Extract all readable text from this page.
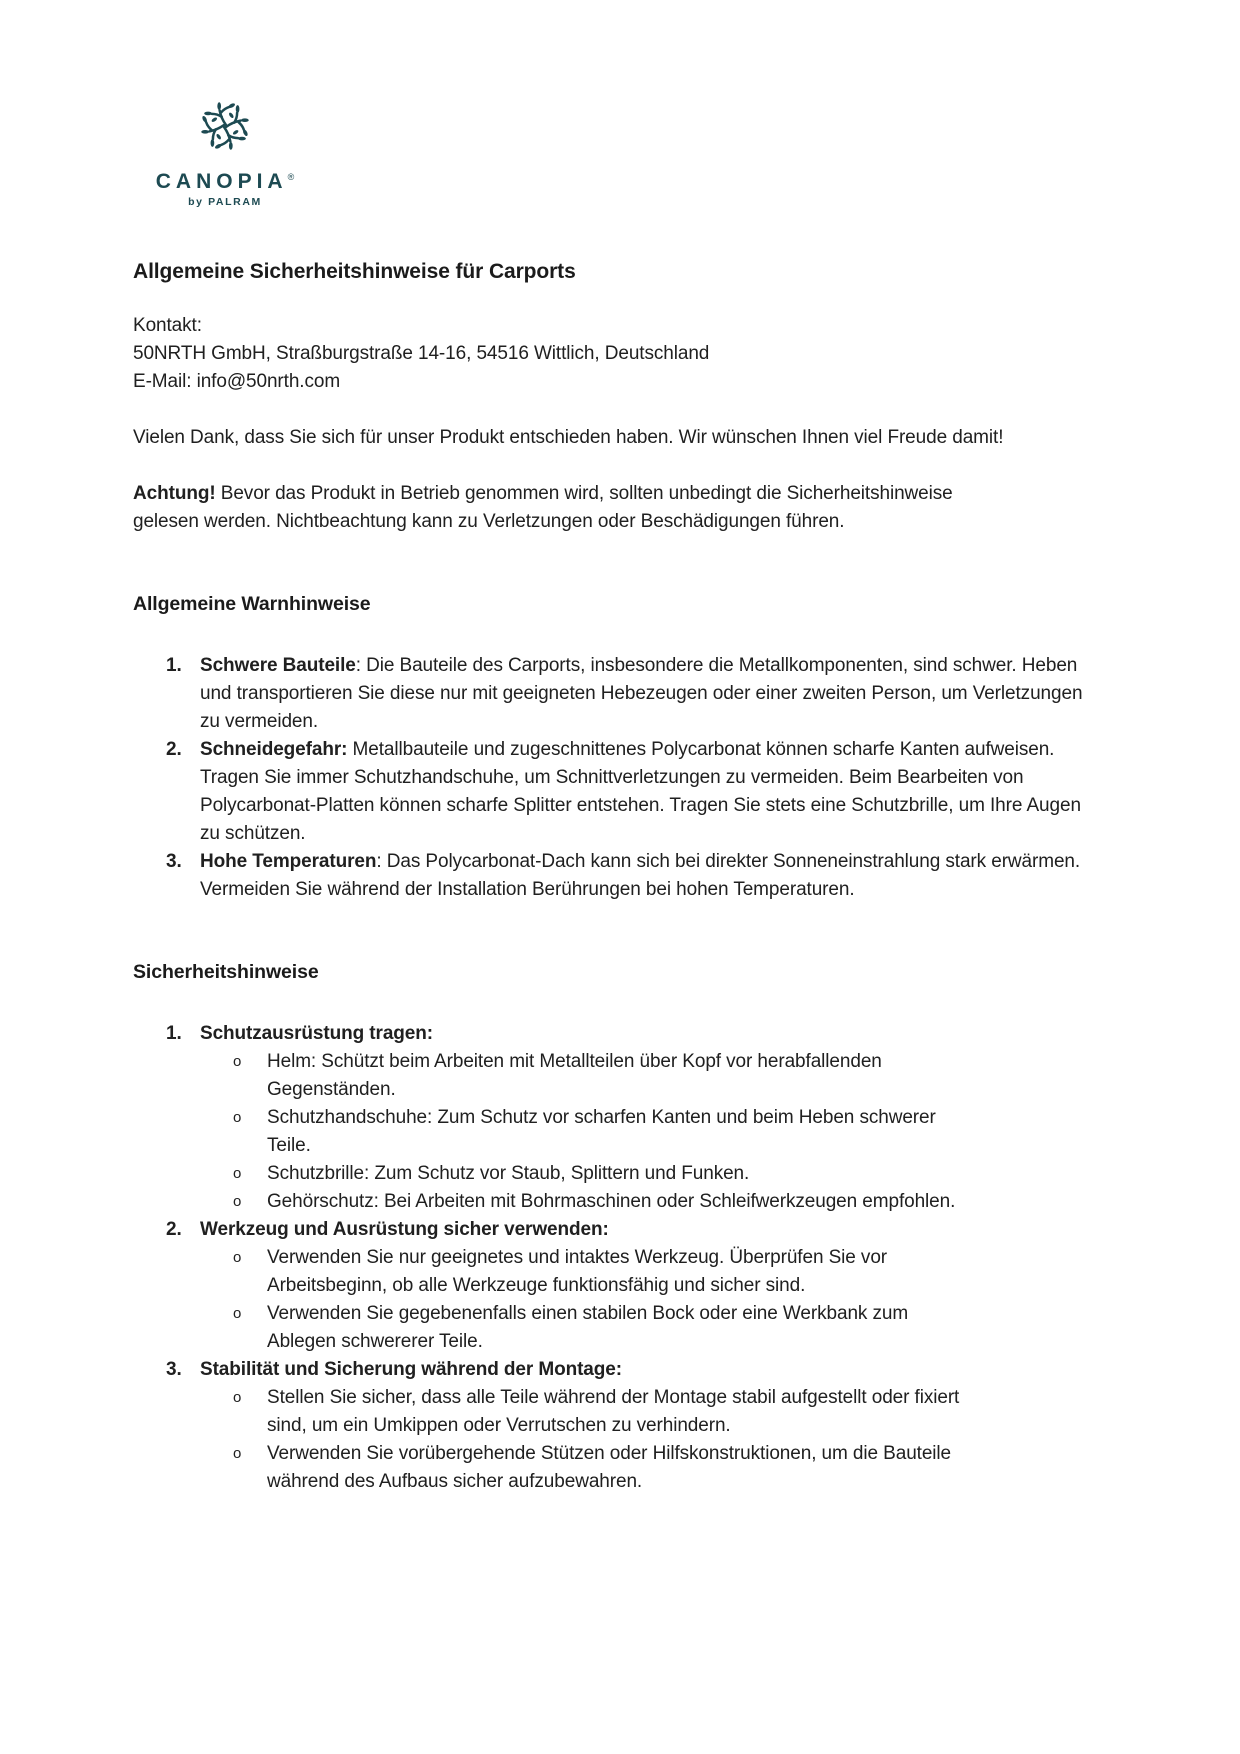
CANOPIA®
by PALRAM
Allgemeine Sicherheitshinweise für Carports
Kontakt:
50NRTH GmbH, Straßburgstraße 14-16, 54516 Wittlich, Deutschland
E-Mail: info@50nrth.com

Vielen Dank, dass Sie sich für unser Produkt entschieden haben. Wir wünschen Ihnen viel Freude damit!

Achtung! Bevor das Produkt in Betrieb genommen wird, sollten unbedingt die Sicherheitshinweise gelesen werden. Nichtbeachtung kann zu Verletzungen oder Beschädigungen führen.

Allgemeine Warnhinweise
1. Schwere Bauteile: Die Bauteile des Carports, insbesondere die Metallkomponenten, sind schwer. Heben und transportieren Sie diese nur mit geeigneten Hebezeugen oder einer zweiten Person, um Verletzungen zu vermeiden.
2. Schneidegefahr: Metallbauteile und zugeschnittenes Polycarbonat können scharfe Kanten aufweisen. Tragen Sie immer Schutzhandschuhe, um Schnittverletzungen zu vermeiden. Beim Bearbeiten von Polycarbonat-Platten können scharfe Splitter entstehen. Tragen Sie stets eine Schutzbrille, um Ihre Augen zu schützen.
3. Hohe Temperaturen: Das Polycarbonat-Dach kann sich bei direkter Sonneneinstrahlung stark erwärmen. Vermeiden Sie während der Installation Berührungen bei hohen Temperaturen.
Sicherheitshinweise
1. Schutzausrüstung tragen:
o	Helm: Schützt beim Arbeiten mit Metallteilen über Kopf vor herabfallenden Gegenständen.
o	Schutzhandschuhe: Zum Schutz vor scharfen Kanten und beim Heben schwerer Teile.
o	Schutzbrille: Zum Schutz vor Staub, Splittern und Funken.
o	Gehörschutz: Bei Arbeiten mit Bohrmaschinen oder Schleifwerkzeugen empfohlen.
2. Werkzeug und Ausrüstung sicher verwenden:
o	Verwenden Sie nur geeignetes und intaktes Werkzeug. Überprüfen Sie vor Arbeitsbeginn, ob alle Werkzeuge funktionsfähig und sicher sind.
o	Verwenden Sie gegebenenfalls einen stabilen Bock oder eine Werkbank zum Ablegen schwererer Teile.
3. Stabilität und Sicherung während der Montage:
o	Stellen Sie sicher, dass alle Teile während der Montage stabil aufgestellt oder fixiert sind, um ein Umkippen oder Verrutschen zu verhindern.
o	Verwenden Sie vorübergehende Stützen oder Hilfskonstruktionen, um die Bauteile während des Aufbaus sicher aufzubewahren.
